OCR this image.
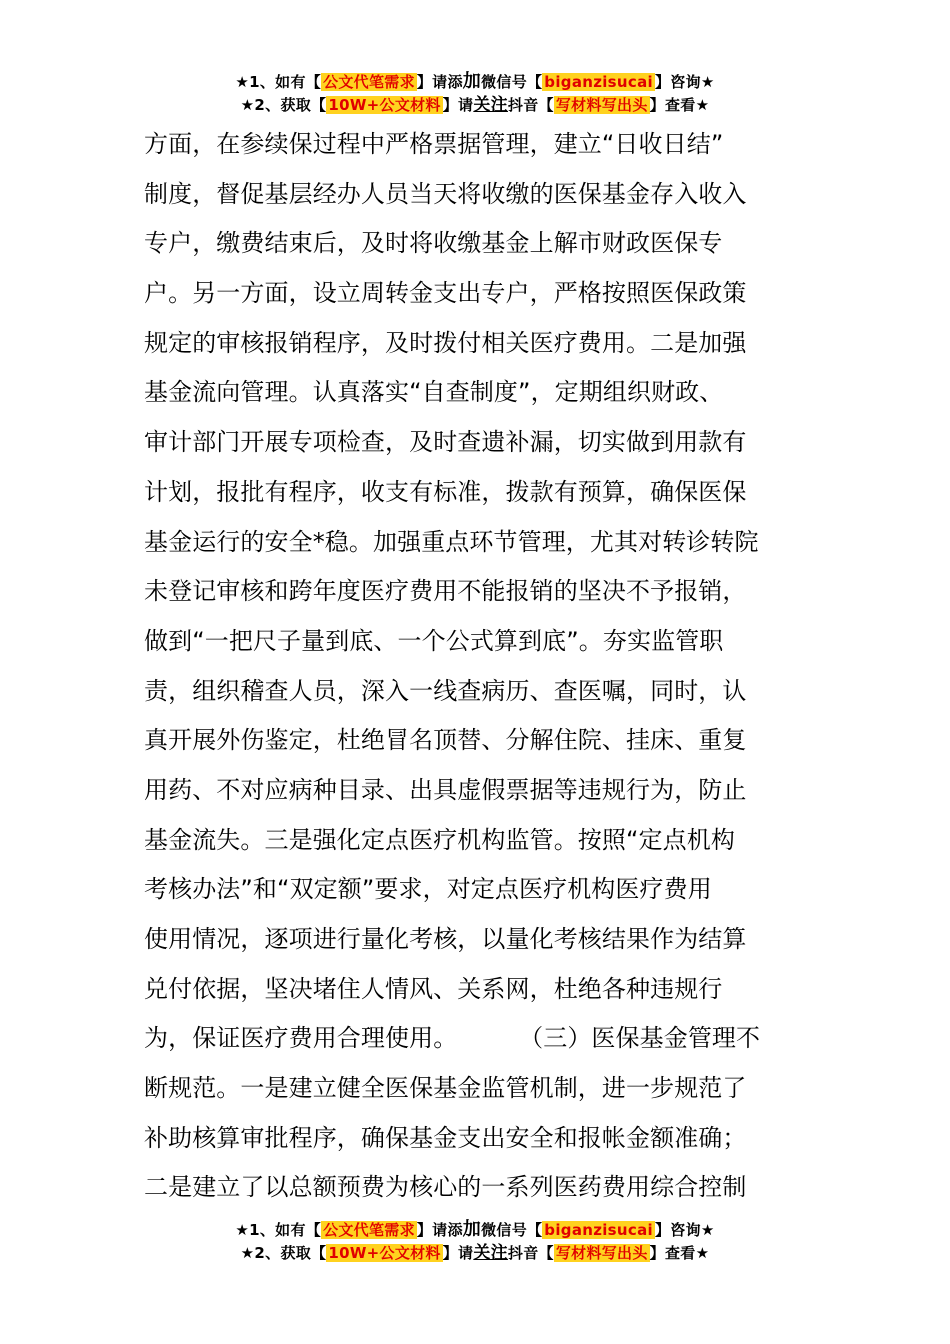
★1、如有【 公文代笔需求 】请添加微信号【 biganzisucai 】咨询★
★2、获取【 10W+公文材料 】请关注抖音【 写材料写出头 】查看★
方面，在参续保过程中严格票据管理，建立“日收日结”
制度，督促基层经办人员当天将收缴的医保基金存入收入
专户，缴费结束后，及时将收缴基金上解市财政医保专
户。另一方面，设立周转金支出专户，严格按照医保政策
规定的审核报销程序，及时拨付相关医疗费用。二是加强
基金流向管理。认真落实“自查制度”，定期组织财政、
审计部门开展专项检查，及时查遗补漏，切实做到用款有
计划，报批有程序，收支有标准，拨款有预算，确保医保
基金运行的安全*稳。加强重点环节管理，尤其对转诊转院
未登记审核和跨年度医疗费用不能报销的坚决不予报销，
做到“一把尺子量到底、一个公式算到底”。夯实监管职
责，组织稽查人员，深入一线查病历、查医嘱，同时，认
真开展外伤鉴定，杜绝冒名顶替、分解住院、挂床、重复
用药、不对应病种目录、出具虚假票据等违规行为，防止
基金流失。三是强化定点医疗机构监管。按照“定点机构
考核办法”和“双定额”要求，对定点医疗机构医疗费用
使用情况，逐项进行量化考核，以量化考核结果作为结算
兑付依据，坚决堵住人情风、关系网，杜绝各种违规行
为，保证医疗费用合理使用。        （三）医保基金管理不
断规范。一是建立健全医保基金监管机制，进一步规范了
补助核算审批程序，确保基金支出安全和报帐金额准确；
二是建立了以总额预费为核心的一系列医药费用综合控制
★1、如有【 公文代笔需求 】请添加微信号【 biganzisucai 】咨询★
★2、获取【 10W+公文材料 】请关注抖音【 写材料写出头 】查看★
